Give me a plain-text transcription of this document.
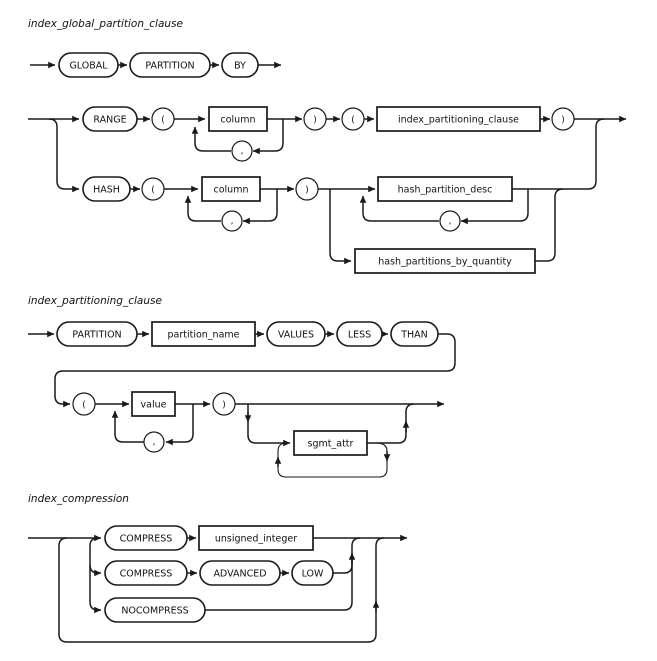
index_global_partition_clause
GLOBAL	PARTITION	BY
RANGE	(	column
,
)	(	index_partitioning_clause	)
HASH	(	column
,
)	hash_partition_desc
,
hash_partitions_by_quantity
index_partitioning_clause
PARTITION	partition_name	VALUES	LESS	THAN
(	value
,
)
sgmt_attr
index_compression
COMPRESS	unsigned_integer
COMPRESS	ADVANCED	LOW
NOCOMPRESS
